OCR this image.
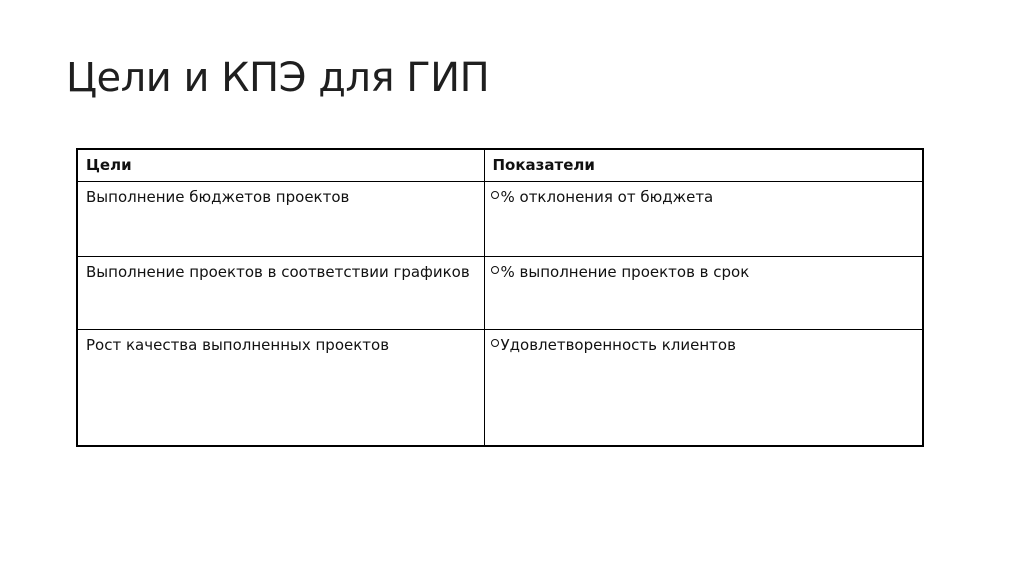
Цели и КПЭ для ГИП
Цели	Показатели
Выполнение бюджетов проектов	% отклонения от бюджета
Выполнение проектов в соответствии графиков	% выполнение проектов в срок
Рост качества выполненных проектов	Удовлетворенность клиентов
